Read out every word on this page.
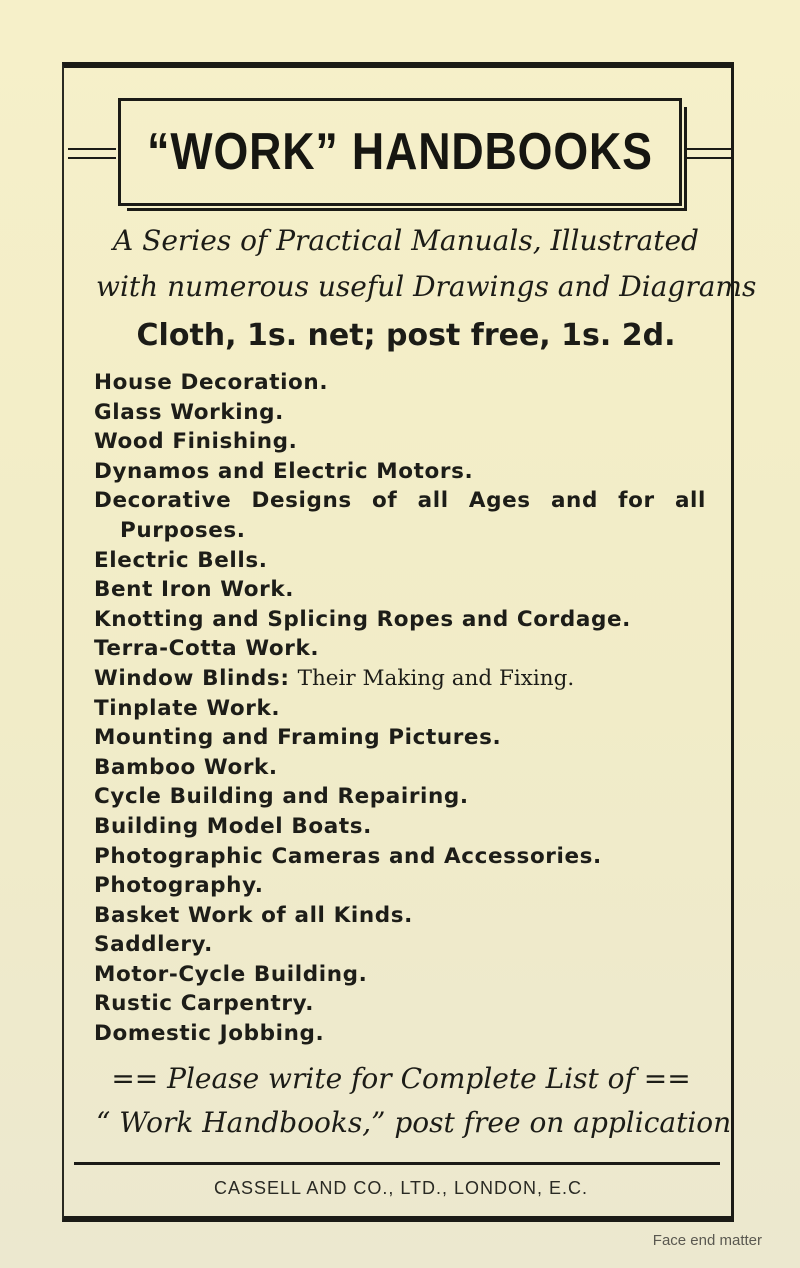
“WORK” HANDBOOKS
A Series of Practical Manuals, Illustrated
with numerous useful Drawings and Diagrams
Cloth, 1s. net; post free, 1s. 2d.
House Decoration.
Glass Working.
Wood Finishing.
Dynamos and Electric Motors.
Decorative Designs of all Ages and for all
Purposes.
Electric Bells.
Bent Iron Work.
Knotting and Splicing Ropes and Cordage.
Terra-Cotta Work.
Window Blinds: Their Making and Fixing.
Tinplate Work.
Mounting and Framing Pictures.
Bamboo Work.
Cycle Building and Repairing.
Building Model Boats.
Photographic Cameras and Accessories.
Photography.
Basket Work of all Kinds.
Saddlery.
Motor-Cycle Building.
Rustic Carpentry.
Domestic Jobbing.
== Please write for Complete List of ==
“ Work Handbooks,” post free on application
CASSELL AND CO., LTD., LONDON, E.C.
Face end matter
